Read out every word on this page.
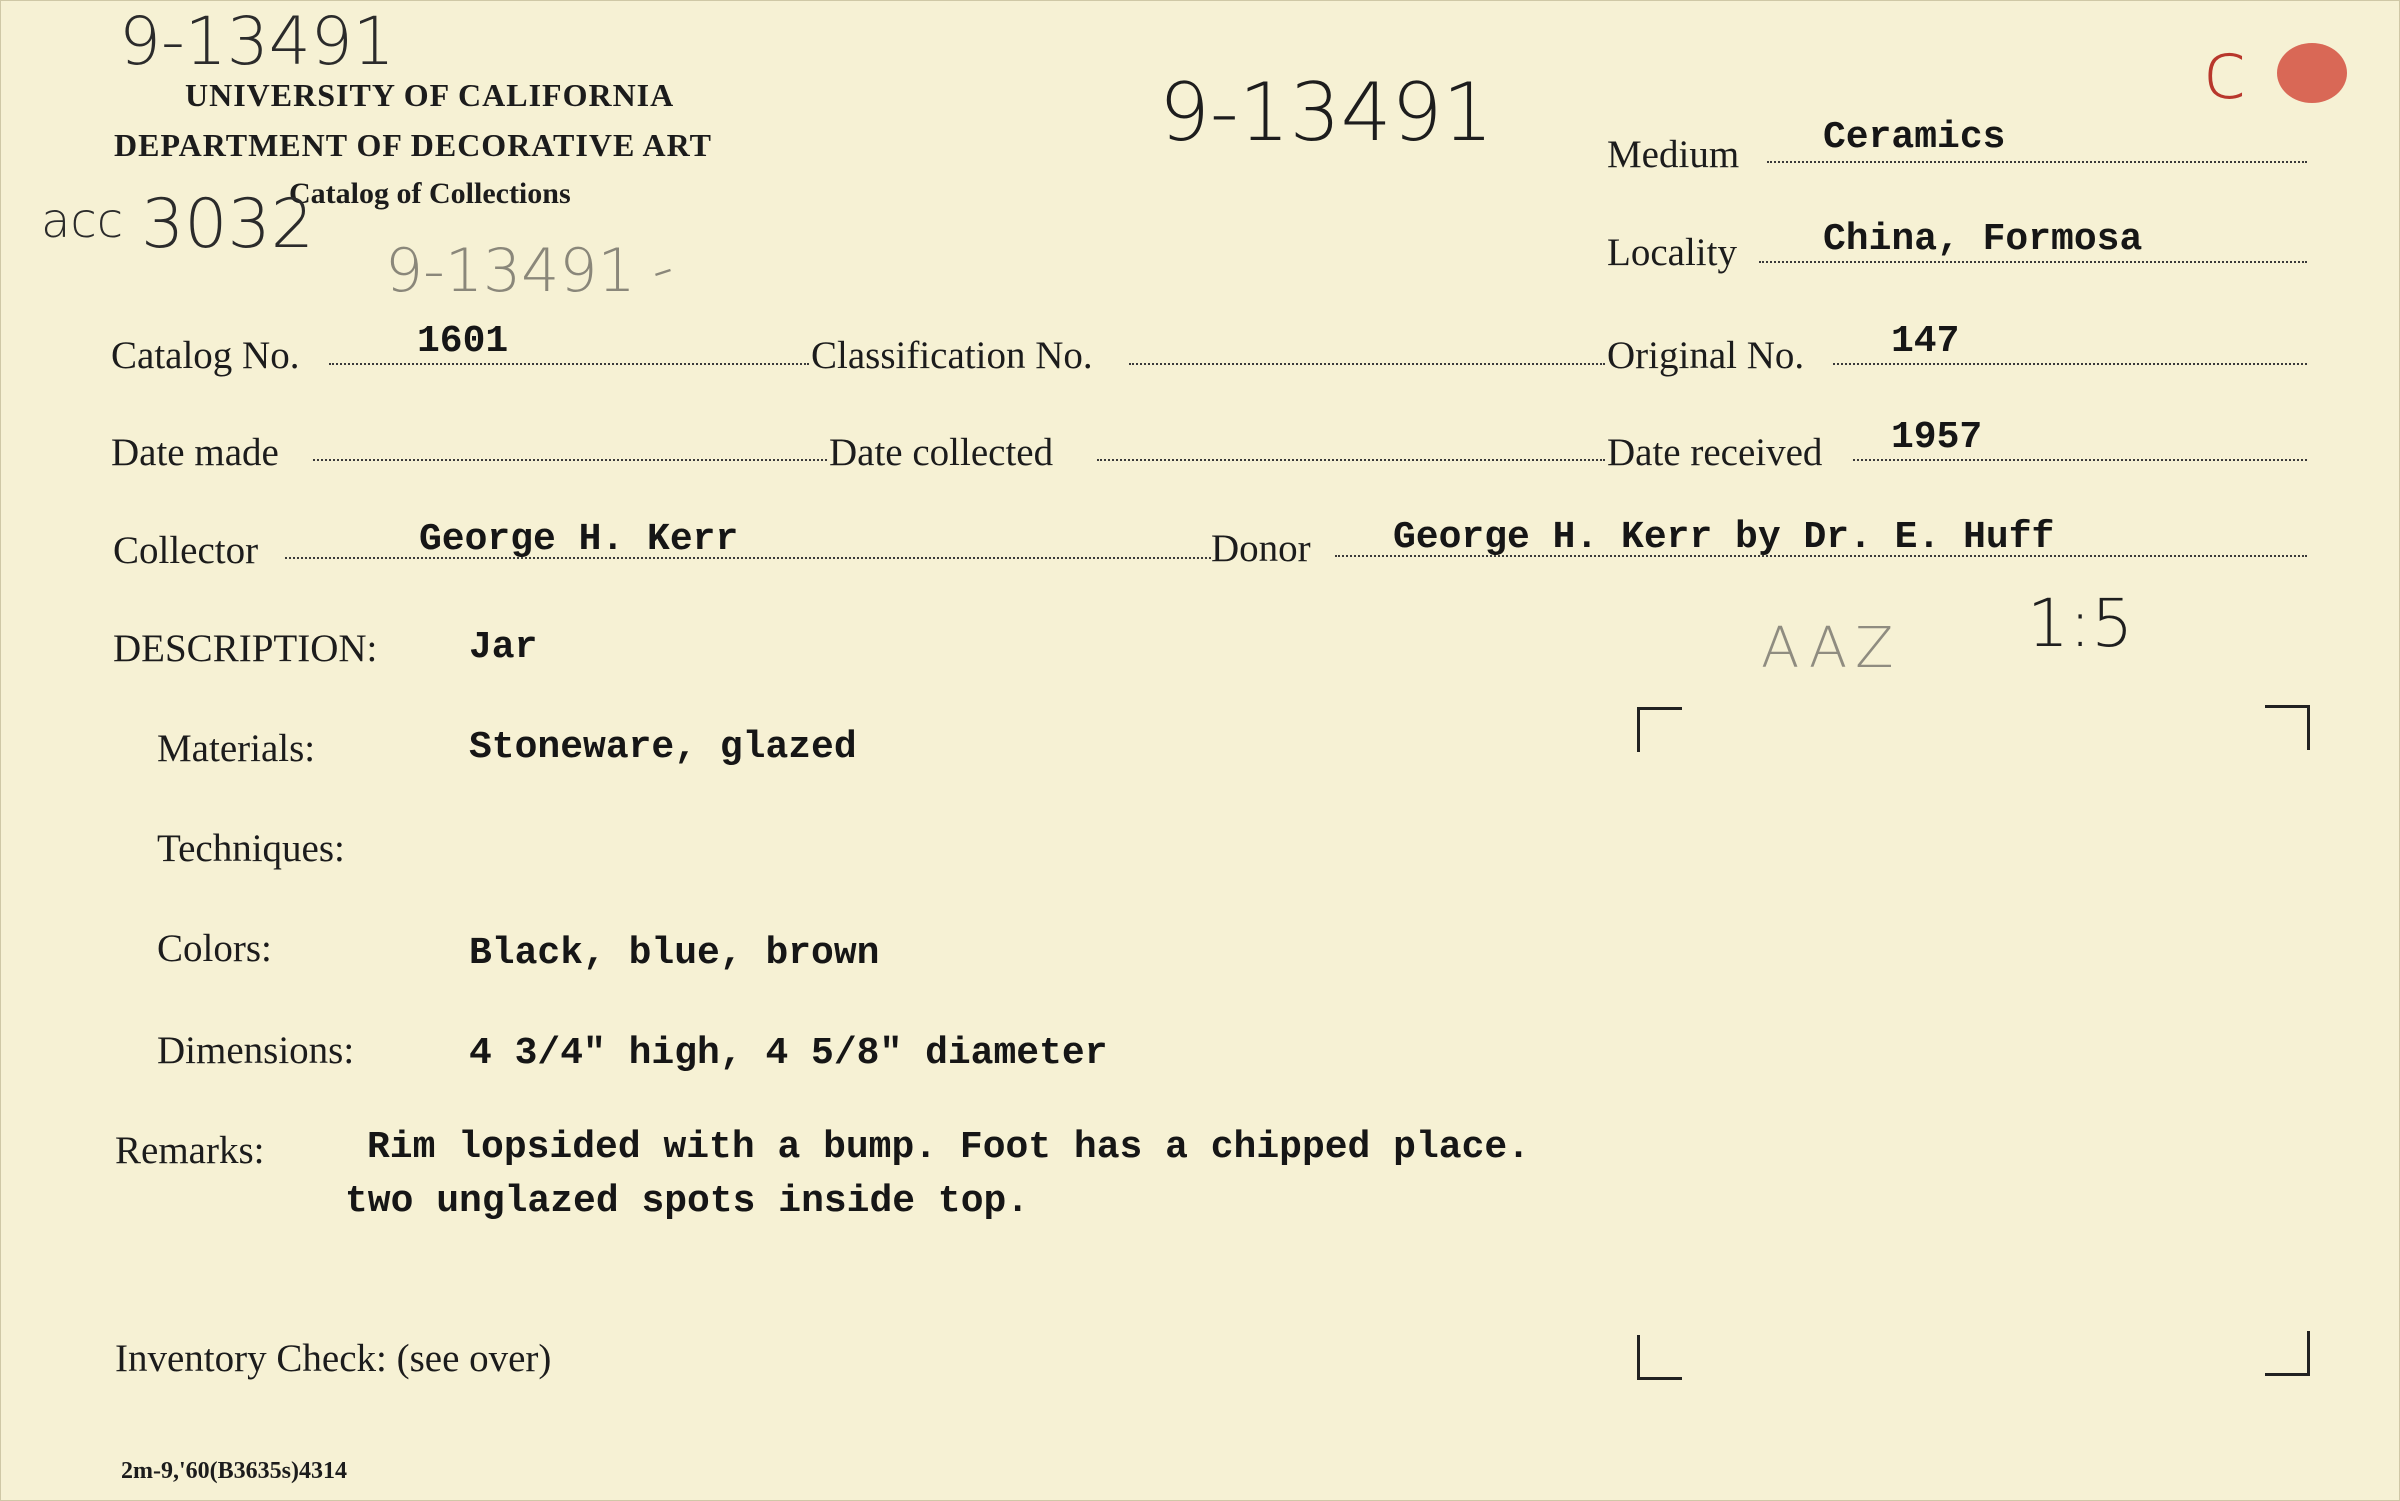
9-13491
UNIVERSITY OF CALIFORNIA
DEPARTMENT OF DECORATIVE ART
Catalog of Collections
acc 3032
9-13491 -
9-13491	c
Medium Ceramics
Locality China, Formosa
Catalog No.	1601	Classification No.	Original No. 147
Date made	Date collected	Date received 1957
Collector	George H. Kerr	Donor George H. Kerr by Dr. E. Huff
DESCRIPTION: Jar	AAZ 1:5
Materials:	Stoneware, glazed
Techniques:
Colors:	Black, blue, brown
Dimensions:	4 3/4" high, 4 5/8" diameter
Remarks:	Rim lopsided with a bump. Foot has a chipped place.
two unglazed spots inside top.
Inventory Check: (see over)
2m-9,'60(B3635s)4314
